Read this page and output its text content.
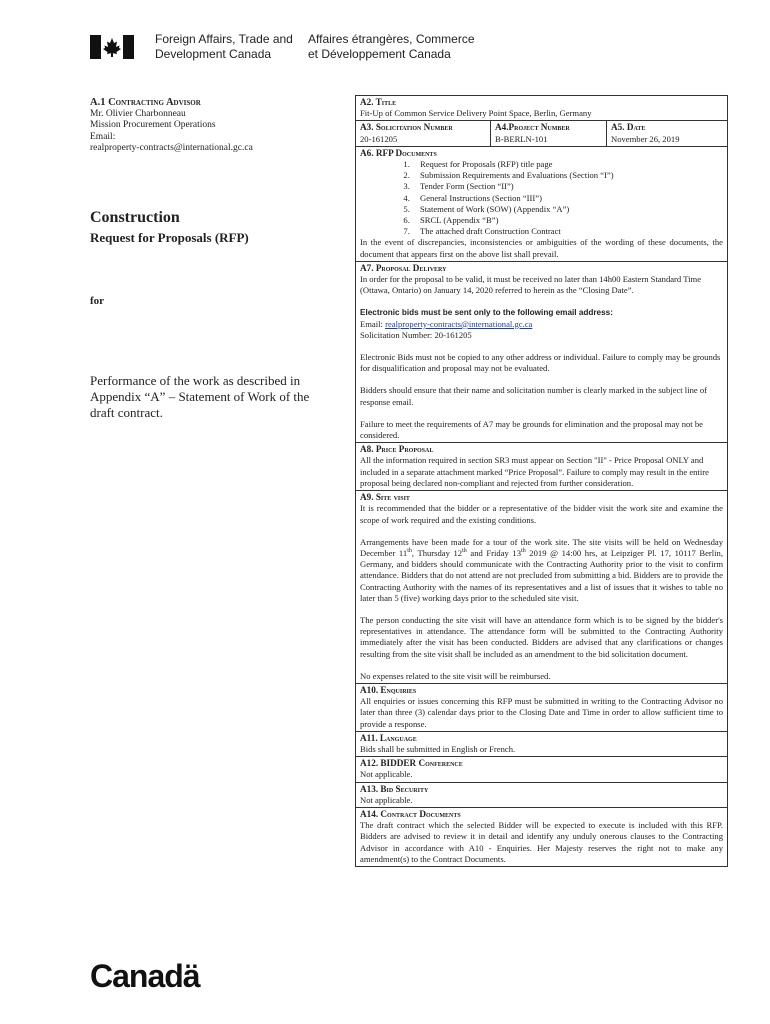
Foreign Affairs, Trade and
Development Canada
Affaires étrangères, Commerce
et Développement Canada
A.1 Contracting Advisor
Mr. Olivier Charbonneau
Mission Procurement Operations
Email:
realproperty-contracts@international.gc.ca
Construction
Request for Proposals (RFP)
for
Performance of the work as described in Appendix “A” – Statement of Work of the draft contract.
A2. Title
Fit-Up of Common Service Delivery Point Space, Berlin, Germany
A3. Solicitation Number
20-161205
A4.Project Number
B-BERLN-101
A5. Date
November 26, 2019
A6. RFP Documents
1. Request for Proposals (RFP) title page
2. Submission Requirements and Evaluations (Section “I”)
3. Tender Form (Section “II”)
4. General Instructions (Section “III”)
5. Statement of Work (SOW) (Appendix “A”)
6. SRCL (Appendix “B”)
7. The attached draft Construction Contract

In the event of discrepancies, inconsistencies or ambiguities of the wording of these documents, the document that appears first on the above list shall prevail.

A7. Proposal Delivery

In order for the proposal to be valid, it must be received no later than 14h00 Eastern Standard Time (Ottawa, Ontario) on January 14, 2020 referred to herein as the “Closing Date”.

Electronic bids must be sent only to the following email address:

Email: realproperty-contracts@international.gc.ca

Solicitation Number: 20-161205

Electronic Bids must not be copied to any other address or individual. Failure to comply may be grounds for disqualification and proposal may not be evaluated.

Bidders should ensure that their name and solicitation number is clearly marked in the subject line of response email.

Failure to meet the requirements of A7 may be grounds for elimination and the proposal may not be considered.

A8. Price Proposal

All the information required in section SR3 must appear on Section "II" - Price Proposal ONLY and included in a separate attachment marked “Price Proposal”. Failure to comply may result in the entire proposal being declared non-compliant and rejected from further consideration.

A9. Site visit

It is recommended that the bidder or a representative of the bidder visit the work site and examine the scope of work required and the existing conditions.

Arrangements have been made for a tour of the work site. The site visits will be held on Wednesday December 11th, Thursday 12th and Friday 13th 2019 @ 14:00 hrs, at Leipziger Pl. 17, 10117 Berlin, Germany, and bidders should communicate with the Contracting Authority prior to the visit to confirm attendance. Bidders that do not attend are not precluded from submitting a bid. Bidders are to provide the Contracting Authority with the names of its representatives and a list of issues that it wishes to table no later than 5 (five) working days prior to the scheduled site visit.

The person conducting the site visit will have an attendance form which is to be signed by the bidder's representatives in attendance. The attendance form will be submitted to the Contracting Authority immediately after the visit has been conducted. Bidders are advised that any clarifications or changes resulting from the site visit shall be included as an amendment to the bid solicitation document.

No expenses related to the site visit will be reimbursed.

A10. Enquiries

All enquiries or issues concerning this RFP must be submitted in writing to the Contracting Advisor no later than three (3) calendar days prior to the Closing Date and Time in order to allow sufficient time to provide a response.

A11. Language

Bids shall be submitted in English or French.

A12. BIDDER Conference

Not applicable.

A13. Bid Security

Not applicable.

A14. Contract Documents

The draft contract which the selected Bidder will be expected to execute is included with this RFP. Bidders are advised to review it in detail and identify any unduly onerous clauses to the Contracting Advisor in accordance with A10 - Enquiries. Her Majesty reserves the right not to make any amendment(s) to the Contract Documents.

Canadä
